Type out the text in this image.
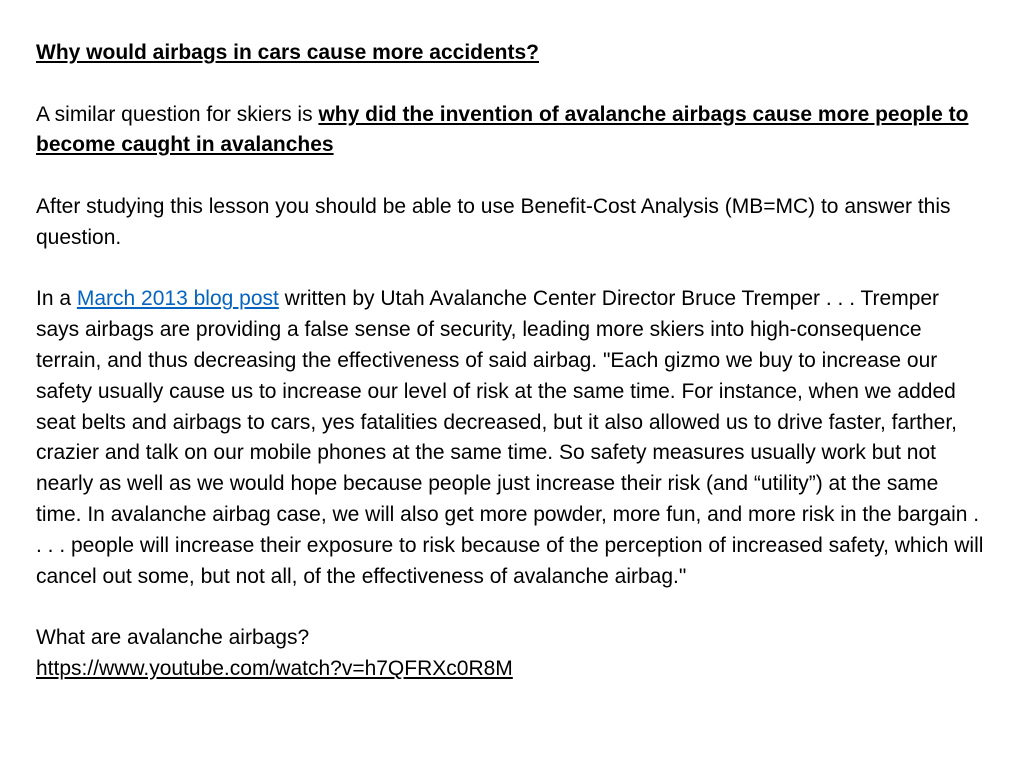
Why would airbags in cars cause more accidents?

A similar question for skiers is why did the invention of avalanche airbags cause more people to become caught in avalanches

After studying this lesson you should be able to use Benefit-Cost Analysis (MB=MC) to answer this question.

In a March 2013 blog post written by Utah Avalanche Center Director Bruce Tremper . . . Tremper says airbags are providing a false sense of security, leading more skiers into high-consequence terrain, and thus decreasing the effectiveness of said airbag. "Each gizmo we buy to increase our safety usually cause us to increase our level of risk at the same time. For instance, when we added seat belts and airbags to cars, yes fatalities decreased, but it also allowed us to drive faster, farther, crazier and talk on our mobile phones at the same time. So safety measures usually work but not nearly as well as we would hope because people just increase their risk (and “utility”) at the same time. In avalanche airbag case, we will also get more powder, more fun, and more risk in the bargain . . . . people will increase their exposure to risk because of the perception of increased safety, which will cancel out some, but not all, of the effectiveness of avalanche airbag."

What are avalanche airbags?

https://www.youtube.com/watch?v=h7QFRXc0R8M
